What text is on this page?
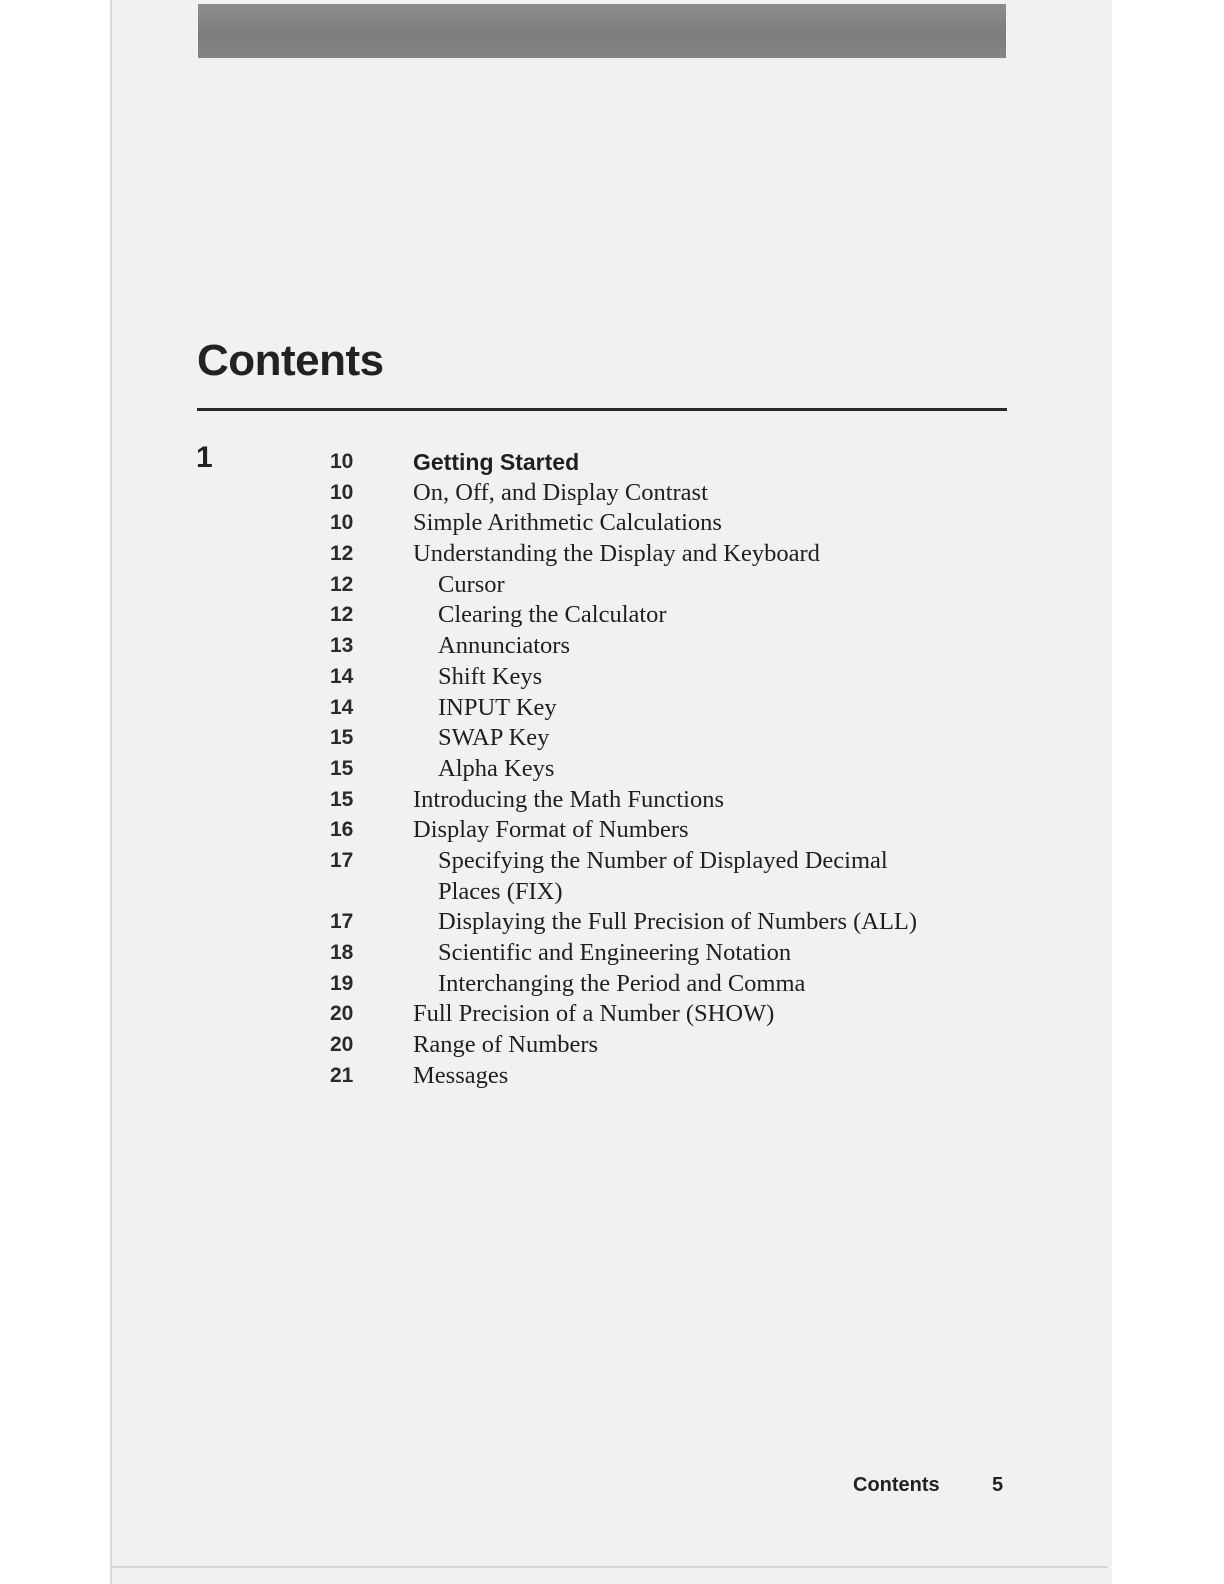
Contents
1	10	Getting Started
10	On, Off, and Display Contrast
10	Simple Arithmetic Calculations
12	Understanding the Display and Keyboard
12	Cursor
12	Clearing the Calculator
13	Annunciators
14	Shift Keys
14	INPUT Key
15	SWAP Key
15	Alpha Keys
15	Introducing the Math Functions
16	Display Format of Numbers
17	Specifying the Number of Displayed Decimal
Places (FIX)
17	Displaying the Full Precision of Numbers (ALL)
18	Scientific and Engineering Notation
19	Interchanging the Period and Comma
20	Full Precision of a Number (SHOW)
20	Range of Numbers
21	Messages
Contents	5
